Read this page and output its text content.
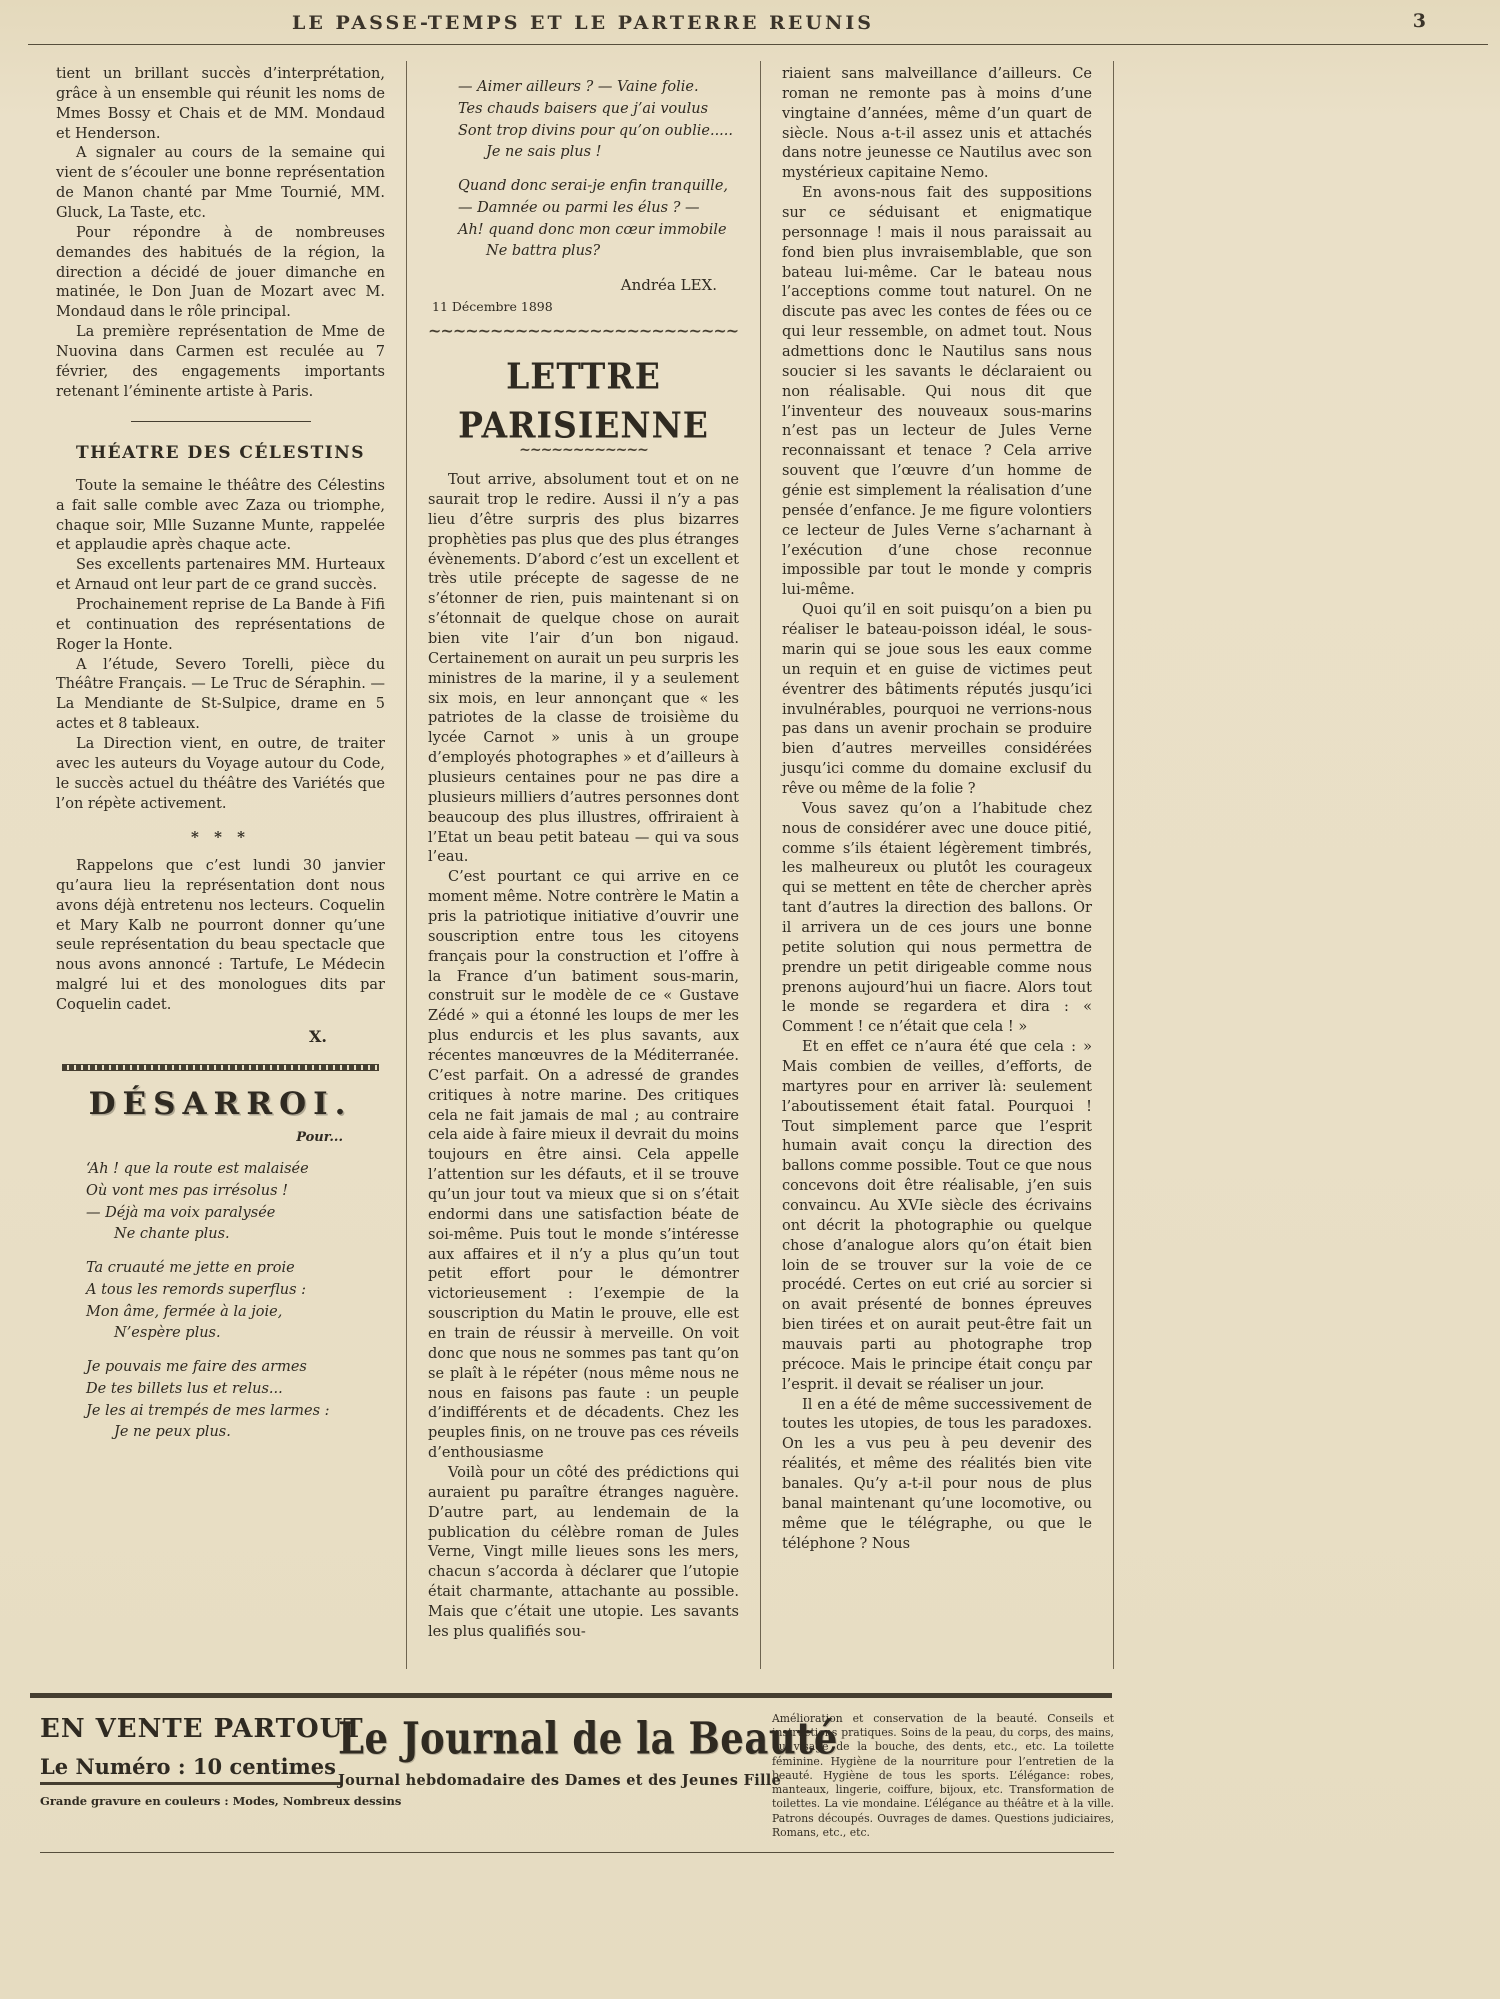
LE PASSE-TEMPS ET LE PARTERRE REUNIS	3
tient un brillant succès d’interprétation, grâce à un ensemble qui réunit les noms de Mmes Bossy et Chais et de MM. Mondaud et Henderson.
A signaler au cours de la semaine qui vient de s’écouler une bonne représentation de Manon chanté par Mme Tournié, MM. Gluck, La Taste, etc.
Pour répondre à de nombreuses demandes des habitués de la région, la direction a décidé de jouer dimanche en matinée, le Don Juan de Mozart avec M. Mondaud dans le rôle principal.
La première représentation de Mme de Nuovina dans Carmen est reculée au 7 février, des engagements importants retenant l’éminente artiste à Paris.
THÉATRE DES CÉLESTINS
Toute la semaine le théâtre des Célestins a fait salle comble avec Zaza ou triomphe, chaque soir, Mlle Suzanne Munte, rappelée et applaudie après chaque acte.
Ses excellents partenaires MM. Hurteaux et Arnaud ont leur part de ce grand succès.
Prochainement reprise de La Bande à Fifi et continuation des représentations de Roger la Honte.
A l’étude, Severo Torelli, pièce du Théâtre Français. — Le Truc de Séraphin. — La Mendiante de St-Sulpice, drame en 5 actes et 8 tableaux.
La Direction vient, en outre, de traiter avec les auteurs du Voyage autour du Code, le succès actuel du théâtre des Variétés que l’on répète activement.
* * *
Rappelons que c’est lundi 30 janvier qu’aura lieu la représentation dont nous avons déjà entretenu nos lecteurs. Coquelin et Mary Kalb ne pourront donner qu’une seule représentation du beau spectacle que nous avons annoncé : Tartufe, Le Médecin malgré lui et des monologues dits par Coquelin cadet.
X.
DÉSARROI.
Pour...
‘Ah ! que la route est malaisée
Où vont mes pas irrésolus !
— Déjà ma voix paralysée
Ne chante plus.
Ta cruauté me jette en proie
A tous les remords superflus :
Mon âme, fermée à la joie,
N’espère plus.
Je pouvais me faire des armes
De tes billets lus et relus...
Je les ai trempés de mes larmes :
Je ne peux plus.
— Aimer ailleurs ? — Vaine folie.
Tes chauds baisers que j’ai voulus
Sont trop divins pour qu’on oublie.....
Je ne sais plus !
Quand donc serai-je enfin tranquille,
— Damnée ou parmi les élus ? —
Ah! quand donc mon cœur immobile
Ne battra plus?
Andréa LEX.
11 Décembre 1898
~~~~~
LETTRE PARISIENNE
~~~~~
Tout arrive, absolument tout et on ne saurait trop le redire. Aussi il n’y a pas lieu d’être surpris des plus bizarres prophèties pas plus que des plus étranges évènements. D’abord c’est un excellent et très utile précepte de sagesse de ne s’étonner de rien, puis maintenant si on s’étonnait de quelque chose on aurait bien vite l’air d’un bon nigaud. Certainement on aurait un peu surpris les ministres de la marine, il y a seulement six mois, en leur annonçant que « les patriotes de la classe de troisième du lycée Carnot » unis à un groupe d’employés photographes » et d’ailleurs à plusieurs centaines pour ne pas dire a plusieurs milliers d’autres personnes dont beaucoup des plus illustres, offriraient à l’Etat un beau petit bateau — qui va sous l’eau.
C’est pourtant ce qui arrive en ce moment même. Notre contrère le Matin a pris la patriotique initiative d’ouvrir une souscription entre tous les citoyens français pour la construction et l’offre à la France d’un batiment sous-marin, construit sur le modèle de ce « Gustave Zédé » qui a étonné les loups de mer les plus endurcis et les plus savants, aux récentes manœuvres de la Méditerranée. C’est parfait. On a adressé de grandes critiques à notre marine. Des critiques cela ne fait jamais de mal ; au contraire cela aide à faire mieux il devrait du moins toujours en être ainsi. Cela appelle l’attention sur les défauts, et il se trouve qu’un jour tout va mieux que si on s’était endormi dans une satisfaction béate de soi-même. Puis tout le monde s’intéresse aux affaires et il n’y a plus qu’un tout petit effort pour le démontrer victorieusement : l’exempie de la souscription du Matin le prouve, elle est en train de réussir à merveille. On voit donc que nous ne sommes pas tant qu’on se plaît à le répéter (nous même nous ne nous en faisons pas faute : un peuple d’indifférents et de décadents. Chez les peuples finis, on ne trouve pas ces réveils d’enthousiasme
Voilà pour un côté des prédictions qui auraient pu paraître étranges naguère. D’autre part, au lendemain de la publication du célèbre roman de Jules Verne, Vingt mille lieues sons les mers, chacun s’accorda à déclarer que l’utopie était charmante, attachante au possible. Mais que c’était une utopie. Les savants les plus qualifiés sou-
riaient sans malveillance d’ailleurs. Ce roman ne remonte pas à moins d’une vingtaine d’années, même d’un quart de siècle. Nous a-t-il assez unis et attachés dans notre jeunesse ce Nautilus avec son mystérieux capitaine Nemo.
En avons-nous fait des suppositions sur ce séduisant et enigmatique personnage ! mais il nous paraissait au fond bien plus invraisemblable, que son bateau lui-même. Car le bateau nous l’acceptions comme tout naturel. On ne discute pas avec les contes de fées ou ce qui leur ressemble, on admet tout. Nous admettions donc le Nautilus sans nous soucier si les savants le déclaraient ou non réalisable. Qui nous dit que l’inventeur des nouveaux sous-marins n’est pas un lecteur de Jules Verne reconnaissant et tenace ? Cela arrive souvent que l’œuvre d’un homme de génie est simplement la réalisation d’une pensée d’enfance. Je me figure volontiers ce lecteur de Jules Verne s’acharnant à l’exécution d’une chose reconnue impossible par tout le monde y compris lui-même.
Quoi qu’il en soit puisqu’on a bien pu réaliser le bateau-poisson idéal, le sous-marin qui se joue sous les eaux comme un requin et en guise de victimes peut éventrer des bâtiments réputés jusqu’ici invulnérables, pourquoi ne verrions-nous pas dans un avenir prochain se produire bien d’autres merveilles considérées jusqu’ici comme du domaine exclusif du rêve ou même de la folie ?
Vous savez qu’on a l’habitude chez nous de considérer avec une douce pitié, comme s’ils étaient légèrement timbrés, les malheureux ou plutôt les courageux qui se mettent en tête de chercher après tant d’autres la direction des ballons. Or il arrivera un de ces jours une bonne petite solution qui nous permettra de prendre un petit dirigeable comme nous prenons aujourd’hui un fiacre. Alors tout le monde se regardera et dira : « Comment ! ce n’était que cela ! »
Et en effet ce n’aura été que cela : » Mais combien de veilles, d’efforts, de martyres pour en arriver là: seulement l’aboutissement était fatal. Pourquoi ! Tout simplement parce que l’esprit humain avait conçu la direction des ballons comme possible. Tout ce que nous concevons doit être réalisable, j’en suis convaincu. Au XVIe siècle des écrivains ont décrit la photographie ou quelque chose d’analogue alors qu’on était bien loin de se trouver sur la voie de ce procédé. Certes on eut crié au sorcier si on avait présenté de bonnes épreuves bien tirées et on aurait peut-être fait un mauvais parti au photographe trop précoce. Mais le principe était conçu par l’esprit. il devait se réaliser un jour.
Il en a été de même successivement de toutes les utopies, de tous les paradoxes. On les a vus peu à peu devenir des réalités, et même des réalités bien vite banales. Qu’y a-t-il pour nous de plus banal maintenant qu’une locomotive, ou même que le télégraphe, ou que le téléphone ? Nous
EN VENTE PARTOUT
Le Numéro : 10 centimes
Grande gravure en couleurs : Modes, Nombreux dessins
Le Journal de la Beauté
Journal hebdomadaire des Dames et des Jeunes Fille
Amélioration et conservation de la beauté. Conseils et instructions pratiques. Soins de la peau, du corps, des mains, du visage de la bouche, des dents, etc., etc. La toilette féminine. Hygiène de la nourriture pour l’entretien de la beauté. Hygiène de tous les sports. L’élégance: robes, manteaux, lingerie, coiffure, bijoux, etc. Transformation de toilettes. La vie mondaine. L’élégance au théâtre et à la ville. Patrons découpés. Ouvrages de dames. Questions judiciaires, Romans, etc., etc.
